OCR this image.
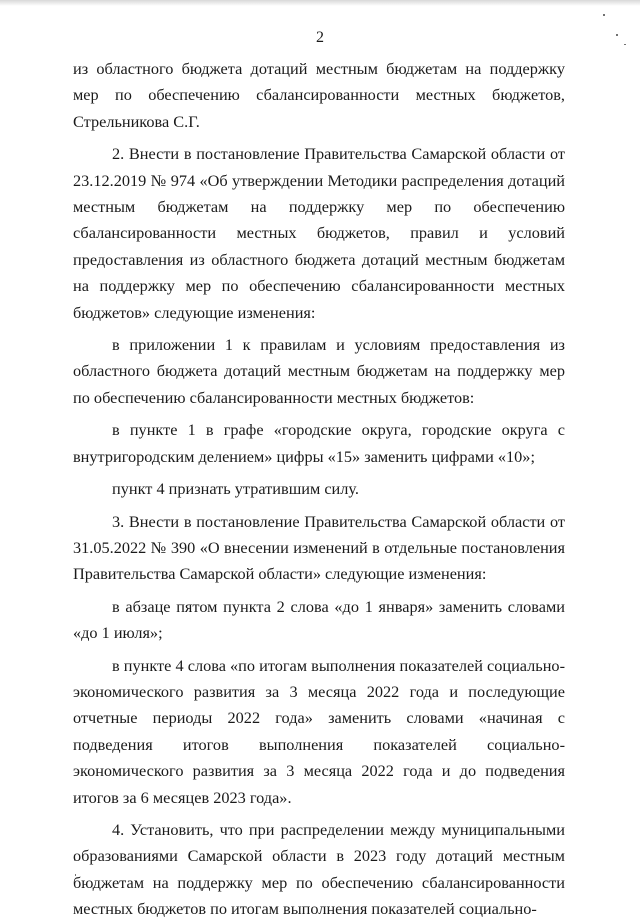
2

из областного бюджета дотаций местным бюджетам на поддержку мер по обеспечению сбалансированности местных бюджетов, Стрельникова С.Г.

2. Внести в постановление Правительства Самарской области от 23.12.2019 № 974 «Об утверждении Методики распределения дотаций местным бюджетам на поддержку мер по обеспечению сбалансированности местных бюджетов, правил и условий предоставления из областного бюджета дотаций местным бюджетам на поддержку мер по обеспечению сбалансированности местных бюджетов» следующие изменения:

в приложении 1 к правилам и условиям предоставления из областного бюджета дотаций местным бюджетам на поддержку мер по обеспечению сбалансированности местных бюджетов:

в пункте 1 в графе «городские округа, городские округа с внутригородским делением» цифры «15» заменить цифрами «10»;

пункт 4 признать утратившим силу.

3. Внести в постановление Правительства Самарской области от 31.05.2022 № 390 «О внесении изменений в отдельные постановления Правительства Самарской области» следующие изменения:

в абзаце пятом пункта 2 слова «до 1 января» заменить словами «до 1 июля»;

в пункте 4 слова «по итогам выполнения показателей социально-экономического развития за 3 месяца 2022 года и последующие отчетные периоды 2022 года» заменить словами «начиная с подведения итогов выполнения показателей социально-экономического развития за 3 месяца 2022 года и до подведения итогов за 6 месяцев 2023 года».

4. Установить, что при распределении между муниципальными образованиями Самарской области в 2023 году дотаций местным бюджетам на поддержку мер по обеспечению сбалансированности местных бюджетов по итогам выполнения показателей социально-
